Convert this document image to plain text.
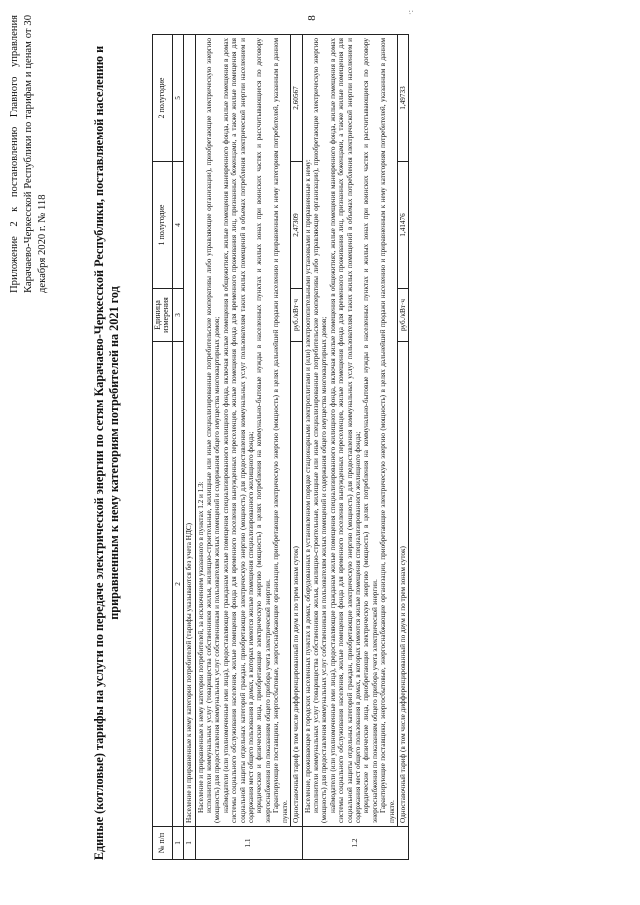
8
·:
Приложение 2 к постановлению Главного управления Карачаево-Черкесской Республики по тарифам и ценам от 30 декабря 2020 г. № 118	Единые (котловые) тарифы на услуги по передаче электрической энергии по сетям Карачаево-Черкесской Республики, поставляемой населению и приравненным к нему категориям потребителей на 2021 год
№ п/п		Единица измерения	1 полугодие	2 полугодие
1	2	3	4	5
1	Население и приравненные к нему категории потребителей (тарифы указываются без учета НДС)			
1.1	Население и приравненные к нему категории потребителей, за исключением указанного в пунктах 1.2 и 1.3: исполнители коммунальных услуг (товарищества собственников жилья, жилищно-строительные, жилищные или иные специализированные потребительские кооперативы либо управляющие организации), приобретающие электрическую энергию (мощность) для предоставления коммунальных услуг собственникам и пользователям жилых помещений и содержания общего имущества многоквартирных домов; наймодатели (или уполномоченные ими лица), предоставляющие гражданам жилые помещения специализированного жилищного фонда, включая жилые помещения в общежитиях, жилые помещения маневренного фонда, жилые помещения в домах системы социального обслуживания населения, жилые помещения фонда для временного поселения вынужденных переселенцев, жилые помещения фонда для временного проживания лиц, признанных беженцами, а также жилые помещения для социальной защиты отдельных категорий граждан, приобретающие электрическую энергию (мощность) для предоставления коммунальных услуг пользователям таких жилых помещений в объемах потребления электрической энергии населением и содержания мест общего пользования в домах, в которых имеются жилые помещения специализированного жилищного фонда; юридические и физические лица, приобретающие электрическую энергию (мощность) в целях потребления на коммунально-бытовые нужды в населенных пунктах и жилых зонах при воинских частях и рассчитывающиеся по договору энергоснабжения по показаниям общего прибора учета электрической энергии. Гарантирующие поставщики, энергосбытовые, энергоснабжающие организации, приобретающие электрическую энергию (мощность) в целях дальнейшей продажи населению и приравненным к нему категориям потребителей, указанным в данном пункте.			

	Одноставочный тариф (в том числе дифференцированный по двум и по трем зонам суток)	руб./кВт·ч	2,47309	2,60567
1.2	Население, проживающее в городских населенных пунктах в домах, оборудованных в установленном порядке стационарными электроплитами и (или) электроотопительными установками и приравненные к нему: исполнители коммунальных услуг (товарищества собственников жилья, жилищно-строительные, жилищные или иные специализированные потребительские кооперативы либо управляющие организации), приобретающие электрическую энергию (мощность) для предоставления коммунальных услуг собственникам и пользователям жилых помещений и содержания общего имущества многоквартирных домов; наймодатели (или уполномоченные ими лица), предоставляющие гражданам жилые помещения специализированного жилищного фонда, включая жилые помещения в общежитиях, жилые помещения маневренного фонда, жилые помещения в домах системы социального обслуживания населения, жилые помещения фонда для временного поселения вынужденных переселенцев, жилые помещения фонда для временного проживания лиц, признанных беженцами, а также жилые помещения для социальной защиты отдельных категорий граждан, приобретающие электрическую энергию (мощность) для предоставления коммунальных услуг пользователям таких жилых помещений в объемах потребления электрической энергии населением и содержания мест общего пользования в домах, в которых имеются жилые помещения специализированного жилищного фонда; юридические и физические лица, приобретающие электрическую энергию (мощность) в целях потребления на коммунально-бытовые нужды в населенных пунктах и жилых зонах при воинских частях и рассчитывающиеся по договору энергоснабжения по показаниям общего прибора учета электрической энергии. Гарантирующие поставщики, энергосбытовые, энергоснабжающие организации, приобретающие электрическую энергию (мощность) в целях дальнейшей продажи населению и приравненным к нему категориям потребителей, указанным в данном пункте.			

	Одноставочный тариф (в том числе дифференцированный по двум и по трем зонам суток)	руб./кВт·ч	1,41476	1,49733
